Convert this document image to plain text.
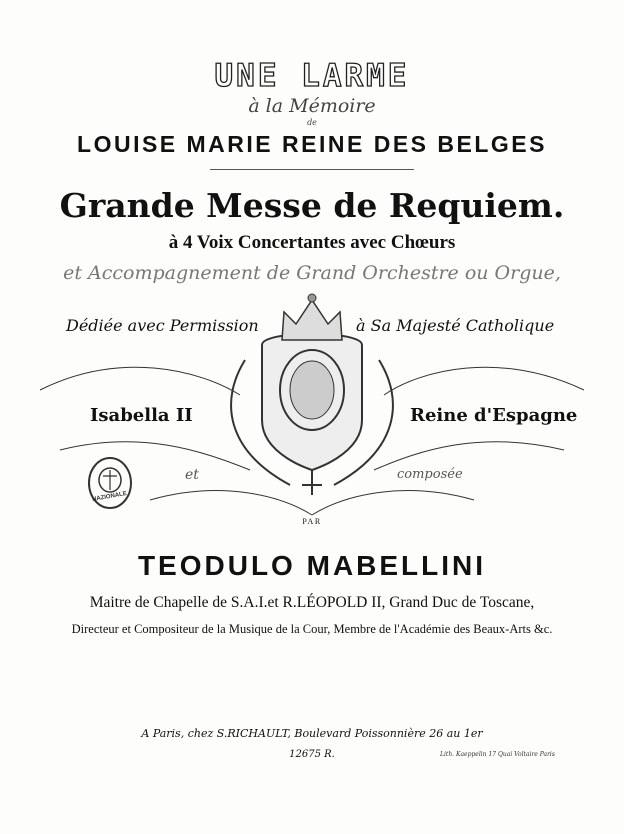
UNE LARME
à la Mémoire
de
LOUISE MARIE REINE DES BELGES
Grande Messe de Requiem.
à 4 Voix Concertantes avec Chœurs
et Accompagnement de Grand Orchestre ou Orgue,
Dédiée avec Permission	à Sa Majesté Catholique
Isabella II	Reine d'Espagne
et	composée
NAZIONALE
PAR
TEODULO MABELLINI
Maitre de Chapelle de S.A.I.et R.LÉOPOLD II, Grand Duc de Toscane,
Directeur et Compositeur de la Musique de la Cour, Membre de l'Académie des Beaux-Arts &c.
A Paris, chez S.RICHAULT, Boulevard Poissonnière 26 au 1er
12675 R.	Lith. Kaeppelin 17 Quai Voltaire Paris
